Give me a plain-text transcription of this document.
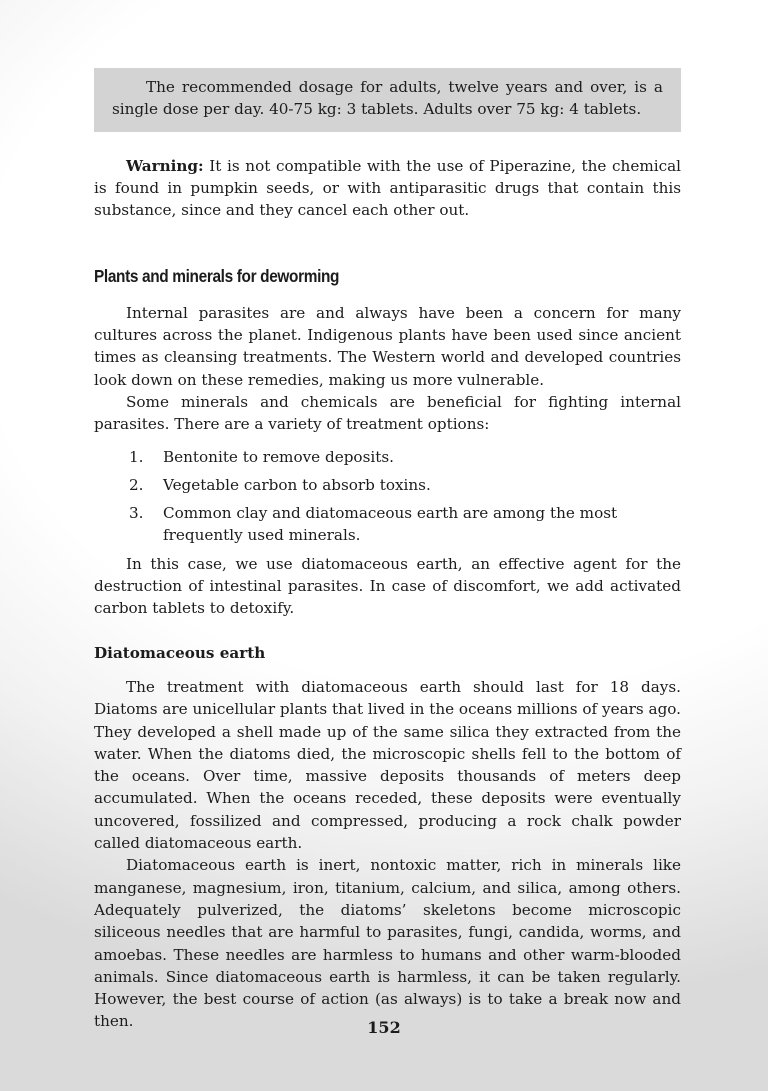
The recommended dosage for adults, twelve years and over, is a single dose per day. 40-75 kg: 3 tablets. Adults over 75 kg: 4 tablets.

Warning: It is not compatible with the use of Piperazine, the chemical is found in pumpkin seeds, or with antiparasitic drugs that contain this substance, since and they cancel each other out.

Plants and minerals for deworming

Internal parasites are and always have been a concern for many cultures across the planet. Indigenous plants have been used since ancient times as cleansing treatments. The Western world and developed countries look down on these remedies, making us more vulnerable.

Some minerals and chemicals are beneficial for fighting internal parasites. There are a variety of treatment options:

1. Bentonite to remove deposits.
2. Vegetable carbon to absorb toxins.
3. Common clay and diatomaceous earth are among the most frequently used minerals.

In this case, we use diatomaceous earth, an effective agent for the destruction of intestinal parasites. In case of discomfort, we add activated carbon tablets to detoxify.

Diatomaceous earth

The treatment with diatomaceous earth should last for 18 days. Diatoms are unicellular plants that lived in the oceans millions of years ago. They developed a shell made up of the same silica they extracted from the water. When the diatoms died, the microscopic shells fell to the bottom of the oceans. Over time, massive deposits thousands of meters deep accumulated. When the oceans receded, these deposits were eventually uncovered, fossilized and compressed, producing a rock chalk powder called diatomaceous earth.

Diatomaceous earth is inert, nontoxic matter, rich in minerals like manganese, magnesium, iron, titanium, calcium, and silica, among others. Adequately pulverized, the diatoms’ skeletons become microscopic siliceous needles that are harmful to parasites, fungi, candida, worms, and amoebas. These needles are harmless to humans and other warm-blooded animals. Since diatomaceous earth is harmless, it can be taken regularly. However, the best course of action (as always) is to take a break now and then.	152
